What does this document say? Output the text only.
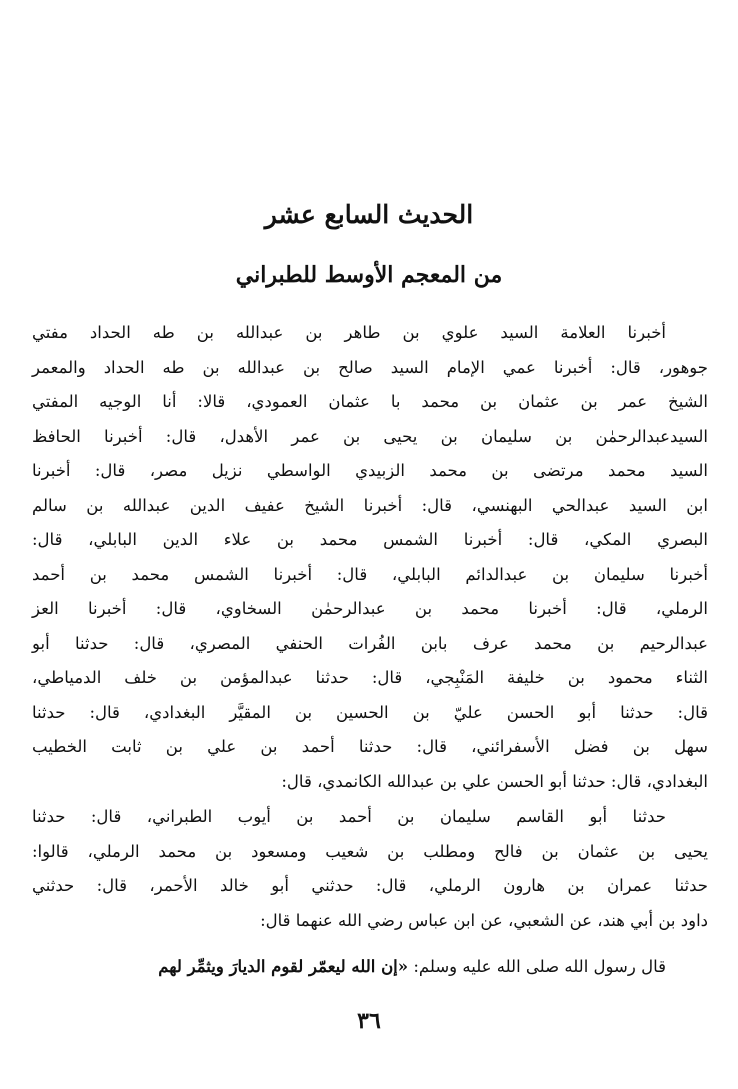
الحديث السابع عشر
من المعجم الأوسط للطبراني
أخبرنا العلامة السيد علوي بن طاهر بن عبدالله بن طه الحداد مفتي
جوهور، قال: أخبرنا عمي الإمام السيد صالح بن عبدالله بن طه الحداد والمعمر
الشيخ عمر بن عثمان بن محمد با عثمان العمودي، قالا: أنا الوجيه المفتي
السيدعبدالرحمٰن بن سليمان بن يحيى بن عمر الأهدل، قال: أخبرنا الحافظ
السيد محمد مرتضى بن محمد الزبيدي الواسطي نزيل مصر، قال: أخبرنا
ابن السيد عبدالحي البهنسي، قال: أخبرنا الشيخ عفيف الدين عبدالله بن سالم
البصري المكي، قال: أخبرنا الشمس محمد بن علاء الدين البابلي، قال:
أخبرنا سليمان بن عبدالدائم البابلي، قال: أخبرنا الشمس محمد بن أحمد
الرملي، قال: أخبرنا محمد بن عبدالرحمٰن السخاوي، قال: أخبرنا العز
عبدالرحيم بن محمد عرف بابن الفُرات الحنفي المصري، قال: حدثنا أبو
الثناء محمود بن خليفة المَنْبِجي، قال: حدثنا عبدالمؤمن بن خلف الدمياطي،
قال: حدثنا أبو الحسن عليّ بن الحسين بن المقيَّر البغدادي، قال: حدثنا
سهل بن فضل الأسفرائني، قال: حدثنا أحمد بن علي بن ثابت الخطيب
البغدادي، قال: حدثنا أبو الحسن علي بن عبدالله الكانمدي، قال:
حدثنا أبو القاسم سليمان بن أحمد بن أيوب الطبراني، قال: حدثنا
يحيى بن عثمان بن فالح ومطلب بن شعيب ومسعود بن محمد الرملي، قالوا:
حدثنا عمران بن هارون الرملي، قال: حدثني أبو خالد الأحمر، قال: حدثني
داود بن أبي هند، عن الشعبي، عن ابن عباس رضي الله عنهما قال:
قال رسول الله صلى الله عليه وسلم: «إن الله ليعمّر لقوم الديارَ ويثمِّر لهم
٣٦
